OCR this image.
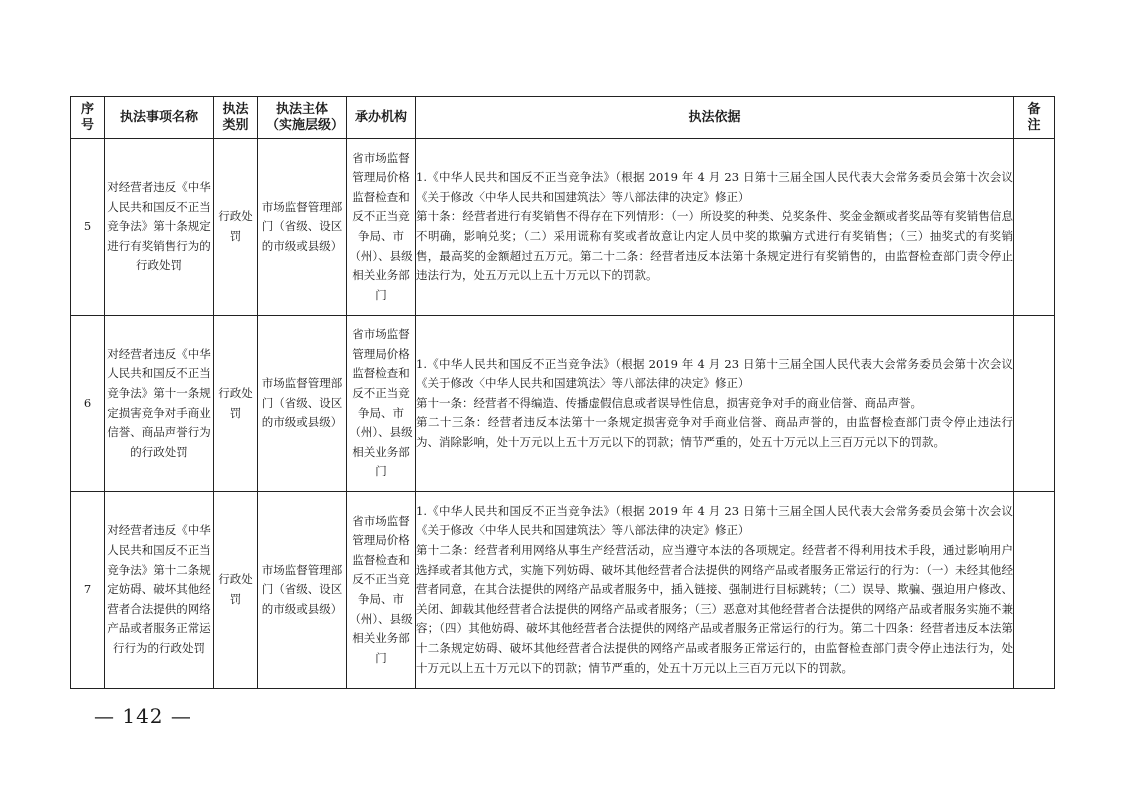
序号	执法事项名称	执法类别	执法主体（实施层级）	承办机构	执法依据	备注
5	对经营者违反《中华人民共和国反不正当竞争法》第十条规定进行有奖销售行为的行政处罚	行政处罚	市场监督管理部门（省级、设区的市级或县级）	省市场监督管理局价格监督检查和反不正当竞争局、市（州）、县级相关业务部门	1.《中华人民共和国反不正当竞争法》（根据 2019 年 4 月 23 日第十三届全国人民代表大会常务委员会第十次会议《关于修改〈中华人民共和国建筑法〉等八部法律的决定》修正）
第十条：经营者进行有奖销售不得存在下列情形：（一）所设奖的种类、兑奖条件、奖金金额或者奖品等有奖销售信息不明确，影响兑奖；（二）采用谎称有奖或者故意让内定人员中奖的欺骗方式进行有奖销售；（三）抽奖式的有奖销售，最高奖的金额超过五万元。第二十二条：经营者违反本法第十条规定进行有奖销售的，由监督检查部门责令停止违法行为，处五万元以上五十万元以下的罚款。	

6	对经营者违反《中华人民共和国反不正当竞争法》第十一条规定损害竞争对手商业信誉、商品声誉行为的行政处罚	行政处罚	市场监督管理部门（省级、设区的市级或县级）	省市场监督管理局价格监督检查和反不正当竞争局、市（州）、县级相关业务部门	1.《中华人民共和国反不正当竞争法》（根据 2019 年 4 月 23 日第十三届全国人民代表大会常务委员会第十次会议《关于修改〈中华人民共和国建筑法〉等八部法律的决定》修正）
第十一条：经营者不得编造、传播虚假信息或者误导性信息，损害竞争对手的商业信誉、商品声誉。
第二十三条：经营者违反本法第十一条规定损害竞争对手商业信誉、商品声誉的，由监督检查部门责令停止违法行为、消除影响，处十万元以上五十万元以下的罚款；情节严重的，处五十万元以上三百万元以下的罚款。	

7	对经营者违反《中华人民共和国反不正当竞争法》第十二条规定妨碍、破坏其他经营者合法提供的网络产品或者服务正常运行行为的行政处罚	行政处罚	市场监督管理部门（省级、设区的市级或县级）	省市场监督管理局价格监督检查和反不正当竞争局、市（州）、县级相关业务部门	1.《中华人民共和国反不正当竞争法》（根据 2019 年 4 月 23 日第十三届全国人民代表大会常务委员会第十次会议《关于修改〈中华人民共和国建筑法〉等八部法律的决定》修正）
第十二条：经营者利用网络从事生产经营活动，应当遵守本法的各项规定。经营者不得利用技术手段，通过影响用户选择或者其他方式，实施下列妨碍、破坏其他经营者合法提供的网络产品或者服务正常运行的行为：（一）未经其他经营者同意，在其合法提供的网络产品或者服务中，插入链接、强制进行目标跳转；（二）误导、欺骗、强迫用户修改、关闭、卸载其他经营者合法提供的网络产品或者服务；（三）恶意对其他经营者合法提供的网络产品或者服务实施不兼容；（四）其他妨碍、破坏其他经营者合法提供的网络产品或者服务正常运行的行为。第二十四条：经营者违反本法第十二条规定妨碍、破坏其他经营者合法提供的网络产品或者服务正常运行的，由监督检查部门责令停止违法行为，处十万元以上五十万元以下的罚款；情节严重的，处五十万元以上三百万元以下的罚款。	

— 142 —
